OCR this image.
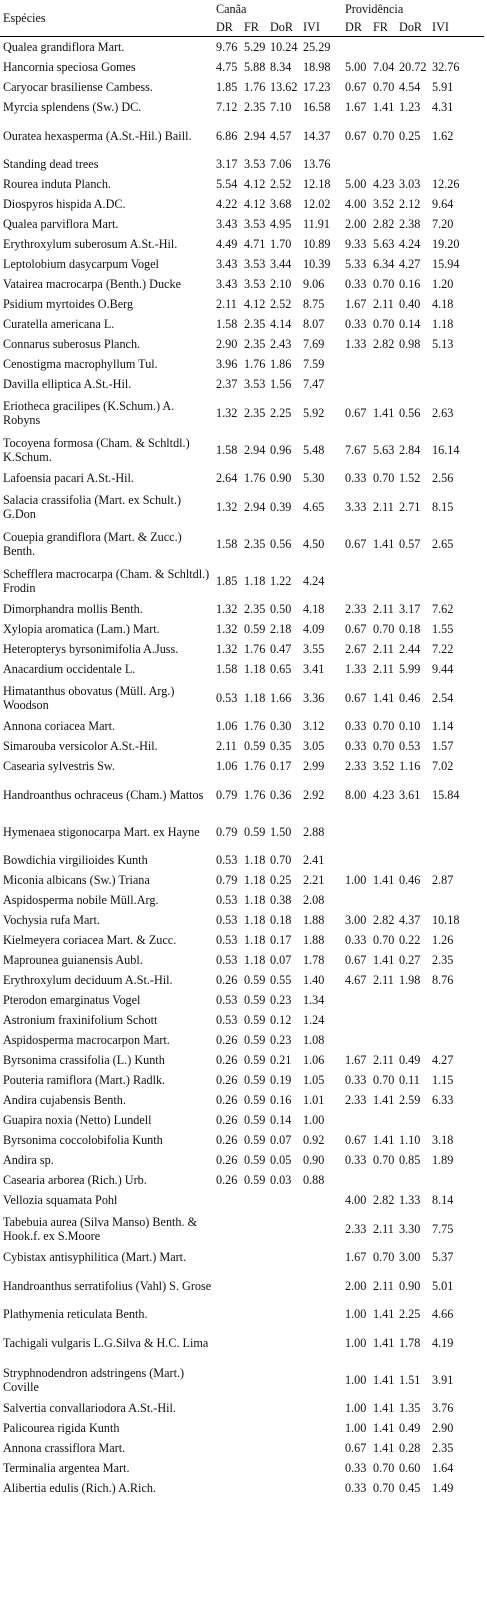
Espécies	Canãa				Providência			
	DR	FR	DoR	IVI	DR	FR	DoR	IVI
Qualea grandiflora Mart.	9.76	5.29	10.24	25.29				
Hancornia speciosa Gomes	4.75	5.88	8.34	18.98	5.00	7.04	20.72	32.76
Caryocar brasiliense Cambess.	1.85	1.76	13.62	17.23	0.67	0.70	4.54	5.91
Myrcia splendens (Sw.) DC.	7.12	2.35	7.10	16.58	1.67	1.41	1.23	4.31
Ouratea hexasperma (A.St.-Hil.) Baill.	6.86	2.94	4.57	14.37	0.67	0.70	0.25	1.62
Standing dead trees	3.17	3.53	7.06	13.76				
Rourea induta Planch.	5.54	4.12	2.52	12.18	5.00	4.23	3.03	12.26
Diospyros hispida A.DC.	4.22	4.12	3.68	12.02	4.00	3.52	2.12	9.64
Qualea parviflora Mart.	3.43	3.53	4.95	11.91	2.00	2.82	2.38	7.20
Erythroxylum suberosum A.St.-Hil.	4.49	4.71	1.70	10.89	9.33	5.63	4.24	19.20
Leptolobium dasycarpum Vogel	3.43	3.53	3.44	10.39	5.33	6.34	4.27	15.94
Vatairea macrocarpa (Benth.) Ducke	3.43	3.53	2.10	9.06	0.33	0.70	0.16	1.20
Psidium myrtoides O.Berg	2.11	4.12	2.52	8.75	1.67	2.11	0.40	4.18
Curatella americana L.	1.58	2.35	4.14	8.07	0.33	0.70	0.14	1.18
Connarus suberosus Planch.	2.90	2.35	2.43	7.69	1.33	2.82	0.98	5.13
Cenostigma macrophyllum Tul.	3.96	1.76	1.86	7.59				
Davilla elliptica A.St.-Hil.	2.37	3.53	1.56	7.47				
Eriotheca gracilipes (K.Schum.) A. Robyns	1.32	2.35	2.25	5.92	0.67	1.41	0.56	2.63
Tocoyena formosa (Cham. & Schltdl.) K.Schum.	1.58	2.94	0.96	5.48	7.67	5.63	2.84	16.14
Lafoensia pacari A.St.-Hil.	2.64	1.76	0.90	5.30	0.33	0.70	1.52	2.56
Salacia crassifolia (Mart. ex Schult.) G.Don	1.32	2.94	0.39	4.65	3.33	2.11	2.71	8.15
Couepia grandiflora (Mart. & Zucc.) Benth.	1.58	2.35	0.56	4.50	0.67	1.41	0.57	2.65
Schefflera macrocarpa (Cham. & Schltdl.) Frodin	1.85	1.18	1.22	4.24				
Dimorphandra mollis Benth.	1.32	2.35	0.50	4.18	2.33	2.11	3.17	7.62
Xylopia aromatica (Lam.) Mart.	1.32	0.59	2.18	4.09	0.67	0.70	0.18	1.55
Heteropterys byrsonimifolia A.Juss.	1.32	1.76	0.47	3.55	2.67	2.11	2.44	7.22
Anacardium occidentale L.	1.58	1.18	0.65	3.41	1.33	2.11	5.99	9.44
Himatanthus obovatus (Müll. Arg.) Woodson	0.53	1.18	1.66	3.36	0.67	1.41	0.46	2.54
Annona coriacea Mart.	1.06	1.76	0.30	3.12	0.33	0.70	0.10	1.14
Simarouba versicolor A.St.-Hil.	2.11	0.59	0.35	3.05	0.33	0.70	0.53	1.57
Casearia sylvestris Sw.	1.06	1.76	0.17	2.99	2.33	3.52	1.16	7.02
Handroanthus ochraceus (Cham.) Mattos	0.79	1.76	0.36	2.92	8.00	4.23	3.61	15.84
Hymenaea stigonocarpa Mart. ex Hayne	0.79	0.59	1.50	2.88				
Bowdichia virgilioides Kunth	0.53	1.18	0.70	2.41				
Miconia albicans (Sw.) Triana	0.79	1.18	0.25	2.21	1.00	1.41	0.46	2.87
Aspidosperma nobile Müll.Arg.	0.53	1.18	0.38	2.08				
Vochysia rufa Mart.	0.53	1.18	0.18	1.88	3.00	2.82	4.37	10.18
Kielmeyera coriacea Mart. & Zucc.	0.53	1.18	0.17	1.88	0.33	0.70	0.22	1.26
Maprounea guianensis Aubl.	0.53	1.18	0.07	1.78	0.67	1.41	0.27	2.35
Erythroxylum deciduum A.St.-Hil.	0.26	0.59	0.55	1.40	4.67	2.11	1.98	8.76
Pterodon emarginatus Vogel	0.53	0.59	0.23	1.34				
Astronium fraxinifolium Schott	0.53	0.59	0.12	1.24				
Aspidosperma macrocarpon Mart.	0.26	0.59	0.23	1.08				
Byrsonima crassifolia (L.) Kunth	0.26	0.59	0.21	1.06	1.67	2.11	0.49	4.27
Pouteria ramiflora (Mart.) Radlk.	0.26	0.59	0.19	1.05	0.33	0.70	0.11	1.15
Andira cujabensis Benth.	0.26	0.59	0.16	1.01	2.33	1.41	2.59	6.33
Guapira noxia (Netto) Lundell	0.26	0.59	0.14	1.00				
Byrsonima coccolobifolia Kunth	0.26	0.59	0.07	0.92	0.67	1.41	1.10	3.18
Andira sp.	0.26	0.59	0.05	0.90	0.33	0.70	0.85	1.89
Casearia arborea (Rich.) Urb.	0.26	0.59	0.03	0.88				
Vellozia squamata Pohl					4.00	2.82	1.33	8.14
Tabebuia aurea (Silva Manso) Benth. & Hook.f. ex S.Moore					2.33	2.11	3.30	7.75
Cybistax antisyphilitica (Mart.) Mart.					1.67	0.70	3.00	5.37
Handroanthus serratifolius (Vahl) S. Grose					2.00	2.11	0.90	5.01
Plathymenia reticulata Benth.					1.00	1.41	2.25	4.66
Tachigali vulgaris L.G.Silva & H.C. Lima					1.00	1.41	1.78	4.19
Stryphnodendron adstringens (Mart.) Coville					1.00	1.41	1.51	3.91
Salvertia convallariodora A.St.-Hil.					1.00	1.41	1.35	3.76
Palicourea rigida Kunth					1.00	1.41	0.49	2.90
Annona crassiflora Mart.					0.67	1.41	0.28	2.35
Terminalia argentea Mart.					0.33	0.70	0.60	1.64
Alibertia edulis (Rich.) A.Rich.					0.33	0.70	0.45	1.49
